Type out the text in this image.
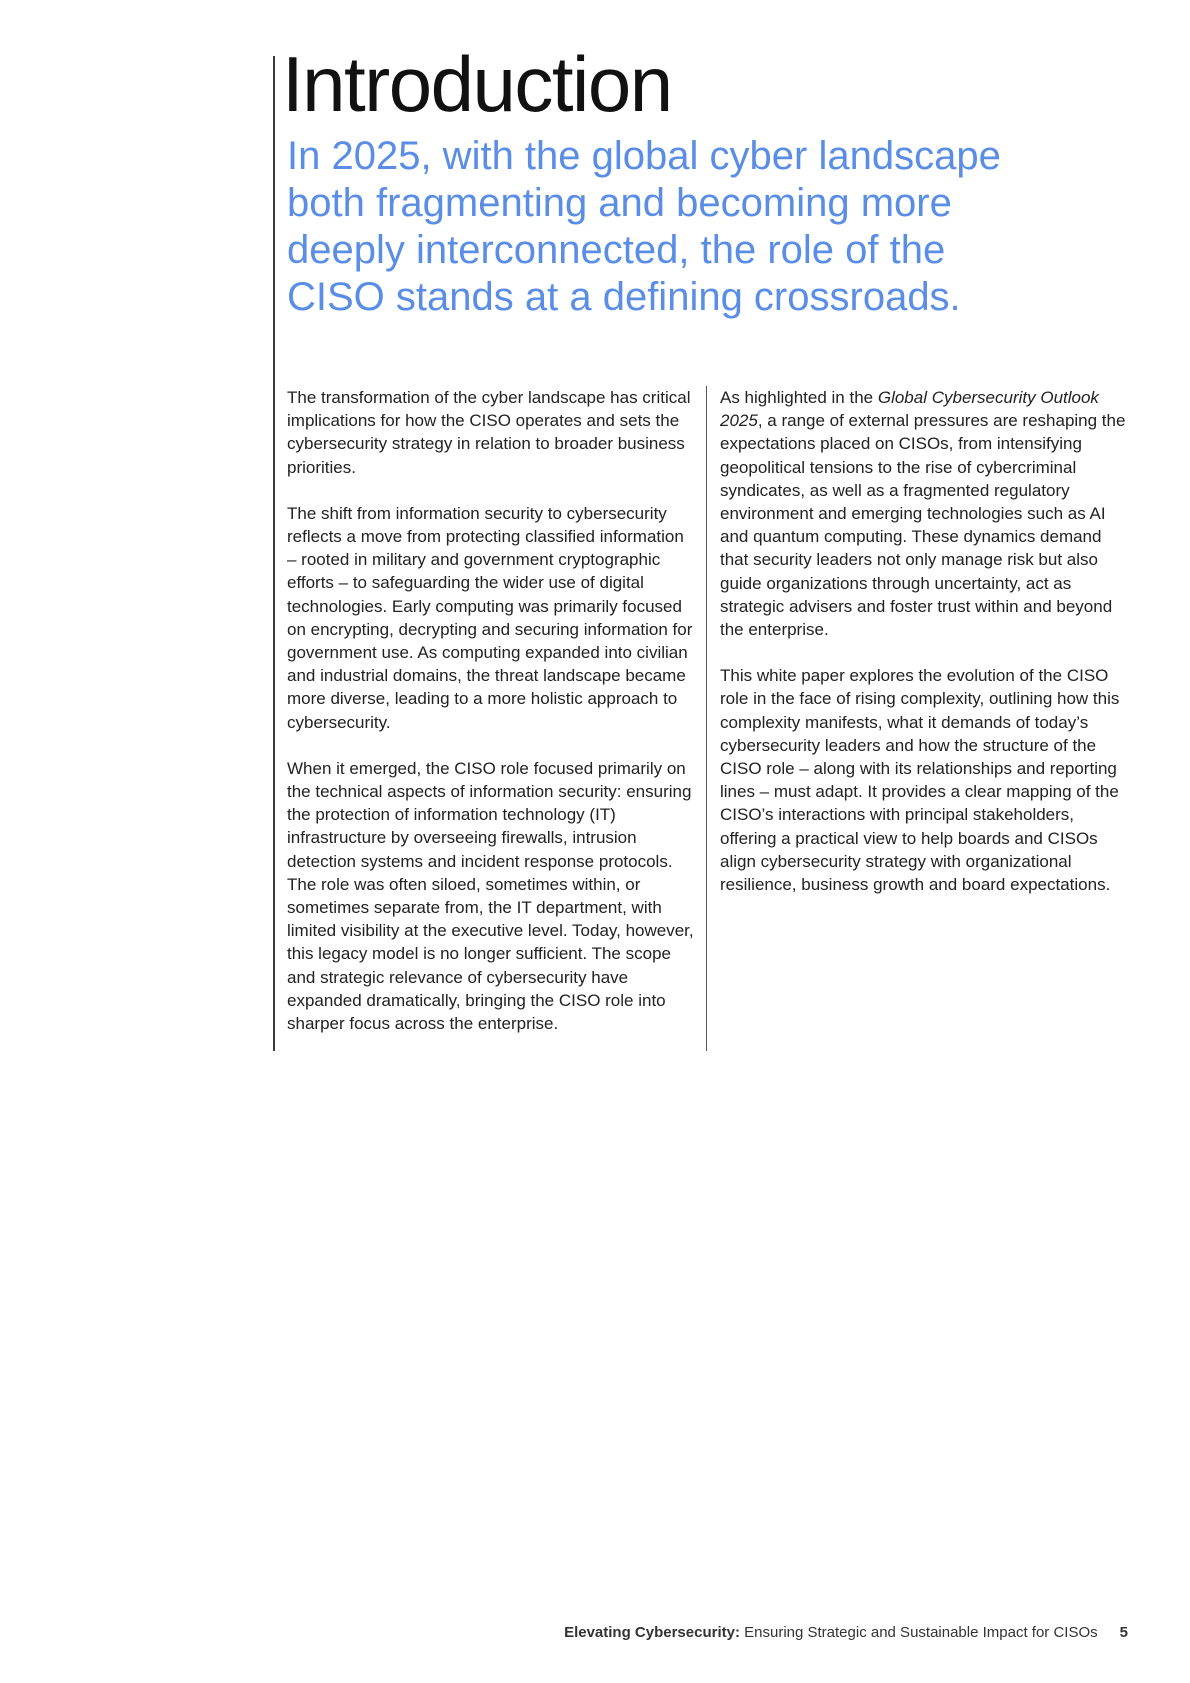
Introduction
In 2025, with the global cyber landscape both fragmenting and becoming more deeply interconnected, the role of the CISO stands at a defining crossroads.

The transformation of the cyber landscape has critical implications for how the CISO operates and sets the cybersecurity strategy in relation to broader business priorities.

The shift from information security to cybersecurity reflects a move from protecting classified information – rooted in military and government cryptographic efforts – to safeguarding the wider use of digital technologies. Early computing was primarily focused on encrypting, decrypting and securing information for government use. As computing expanded into civilian and industrial domains, the threat landscape became more diverse, leading to a more holistic approach to cybersecurity.

When it emerged, the CISO role focused primarily on the technical aspects of information security: ensuring the protection of information technology (IT) infrastructure by overseeing firewalls, intrusion detection systems and incident response protocols. The role was often siloed, sometimes within, or sometimes separate from, the IT department, with limited visibility at the executive level. Today, however, this legacy model is no longer sufficient. The scope and strategic relevance of cybersecurity have expanded dramatically, bringing the CISO role into sharper focus across the enterprise.

As highlighted in the Global Cybersecurity Outlook 2025, a range of external pressures are reshaping the expectations placed on CISOs, from intensifying geopolitical tensions to the rise of cybercriminal syndicates, as well as a fragmented regulatory environment and emerging technologies such as AI and quantum computing. These dynamics demand that security leaders not only manage risk but also guide organizations through uncertainty, act as strategic advisers and foster trust within and beyond the enterprise.

This white paper explores the evolution of the CISO role in the face of rising complexity, outlining how this complexity manifests, what it demands of today’s cybersecurity leaders and how the structure of the CISO role – along with its relationships and reporting lines – must adapt. It provides a clear mapping of the CISO’s interactions with principal stakeholders, offering a practical view to help boards and CISOs align cybersecurity strategy with organizational resilience, business growth and board expectations.

Elevating Cybersecurity: Ensuring Strategic and Sustainable Impact for CISOs 5
